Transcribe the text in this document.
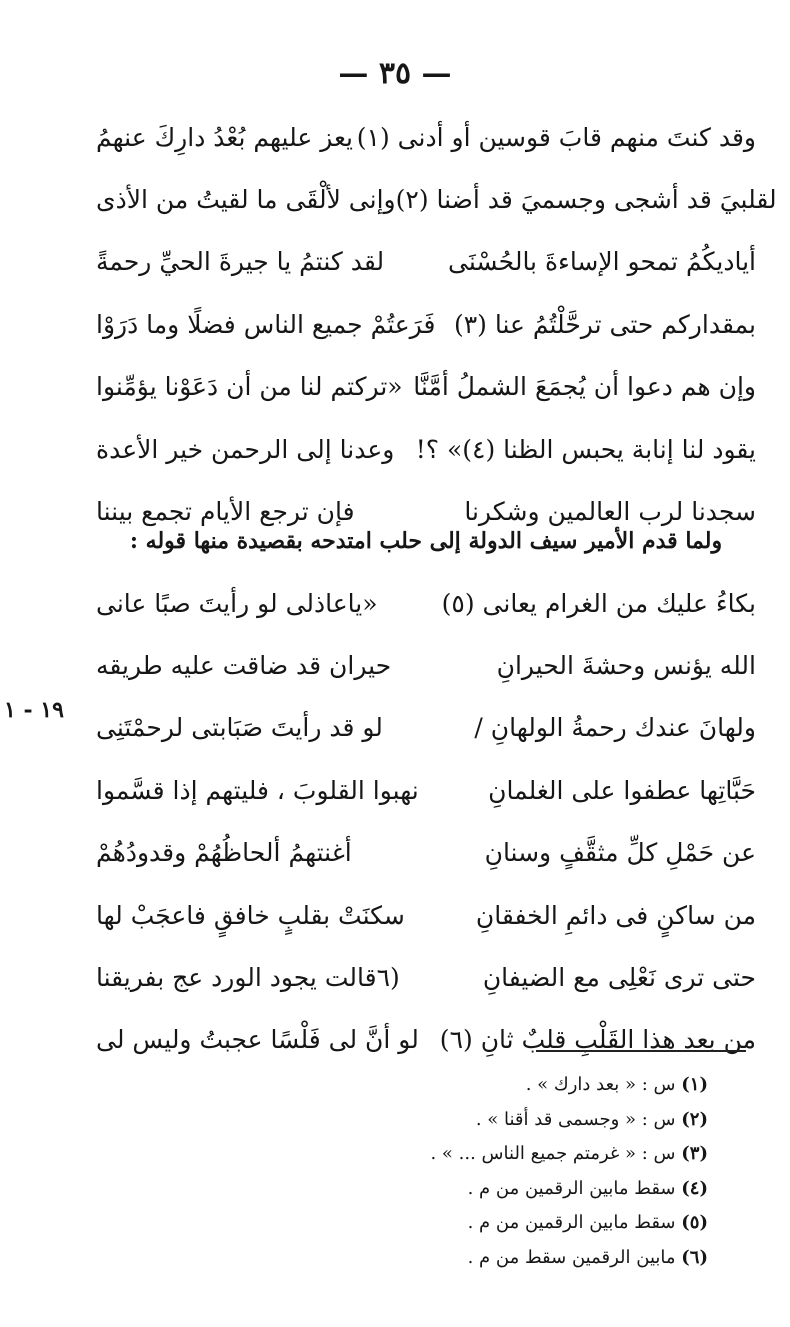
— ٣٥ —
يعز عليهم بُعْدُ دارِكَ عنهمُ وقد كنتَ منهم قابَ قوسين أو أدنى (١)
وإنى لألْقَى ما لقيتُ من الأذى لقلبيَ قد أشجى وجسميَ قد أضنا (٢)
لقد كنتمُ يا جيرةَ الحيِّ رحمةً	أياديكُمُ تمحو الإساءةَ بالحُسْنَى
فَرَعتُمْ جميع الناس فضلًا وما دَرَوْا بمقداركم حتى ترحَّلْتُمُ عنا (٣)
«تركتم لنا من أن دَعَوْنا يؤمِّنوا وإن هم دعوا أن يُجمَعَ الشملُ أمَّنَّا
وعدنا إلى الرحمن خير الأعدة يقود لنا إنابة يحبس الظنا (٤)» ؟!
فإن ترجع الأيام تجمع بيننا	سجدنا لرب العالمين وشكرنا
ولما قدم الأمير سيف الدولة إلى حلب امتدحه بقصيدة منها قوله :
«ياعاذلى لو رأيتَ صبًا عانى	بكاءُ عليك من الغرام يعانى (٥)
حيران قد ضاقت عليه طريقه	الله يؤنس وحشةَ الحيرانِ
لو قد رأيتَ صَبَابتى لرحمْتَنِى	ولهانَ عندك رحمةُ الولهانِ /
نهبوا القلوبَ ، فليتهم إذا قسَّموا	حَبَّاتِها عطفوا على الغلمانِ
أغنتهمُ ألحاظُهُمْ وقدودُهُمْ	عن حَمْلِ كلِّ مثقَّفٍ وسنانِ
سكنَتْ بقلبٍ خافقٍ فاعجَبْ لها	من ساكنٍ فى دائمِ الخفقانِ
(٦قالت يجود الورد عج بفريقنا	حتى ترى نَعْلِى مع الضيفانِ
لو أنَّ لى فَلْسًا عجبتُ وليس لى من بعد هذا القَلْبِ قلبٌ ثانِ (٦)
١٩ - ١
(١) س : « بعد دارك » .
(٢) س : « وجسمى قد أقنا » .
(٣) س : « غرمتم جميع الناس ... » .
(٤) سقط مابين الرقمين من م .
(٥) سقط مابين الرقمين من م .
(٦) مابين الرقمين سقط من م .
